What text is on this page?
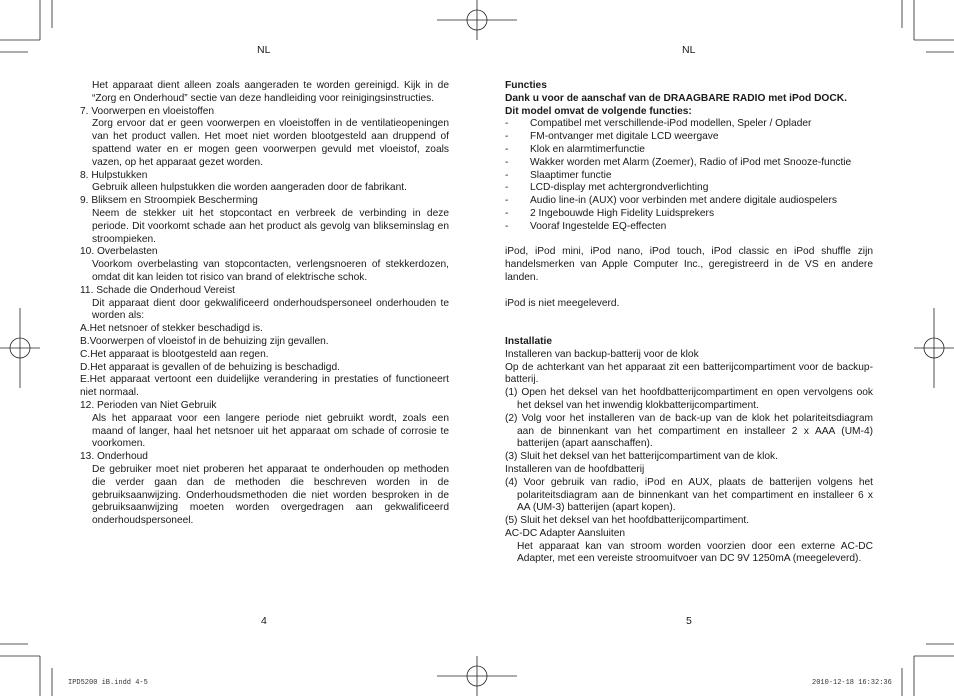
NL	NL

Het apparaat dient alleen zoals aangeraden te worden gereinigd. Kijk in de “Zorg en Onderhoud” sectie van deze handleiding voor reinigingsinstructies.

7. Voorwerpen en vloeistoffen

Zorg ervoor dat er geen voorwerpen en vloeistoffen in de ventilatieopeningen van het product vallen. Het moet niet worden blootgesteld aan druppend of spattend water en er mogen geen voorwerpen gevuld met vloeistof, zoals vazen, op het apparaat gezet worden.

8. Hulpstukken

Gebruik alleen hulpstukken die worden aangeraden door de fabrikant.

9. Bliksem en Stroompiek Bescherming

Neem de stekker uit het stopcontact en verbreek de verbinding in deze periode. Dit voorkomt schade aan het product als gevolg van blikseminslag en stroompieken.

10. Overbelasten

Voorkom overbelasting van stopcontacten, verlengsnoeren of stekkerdozen, omdat dit kan leiden tot risico van brand of elektrische schok.

11. Schade die Onderhoud Vereist

Dit apparaat dient door gekwalificeerd onderhoudspersoneel onderhouden te worden als:

A.Het netsnoer of stekker beschadigd is.

B.Voorwerpen of vloeistof in de behuizing zijn gevallen.

C.Het apparaat is blootgesteld aan regen.

D.Het apparaat is gevallen of de behuizing is beschadigd.

E.Het apparaat vertoont een duidelijke verandering in prestaties of functioneert niet normaal.

12. Perioden van Niet Gebruik

Als het apparaat voor een langere periode niet gebruikt wordt, zoals een maand of langer, haal het netsnoer uit het apparaat om schade of corrosie te voorkomen.

13. Onderhoud

De gebruiker moet niet proberen het apparaat te onderhouden op methoden die verder gaan dan de methoden die beschreven worden in de gebruiksaanwijzing. Onderhoudsmethoden die niet worden besproken in de gebruiksaanwijzing moeten worden overgedragen aan gekwalificeerd onderhoudspersoneel.

Functies

Dank u voor de aanschaf van de DRAAGBARE RADIO met iPod DOCK.

Dit model omvat de volgende functies:

-	Compatibel met verschillende-iPod modellen, Speler / Oplader
-	FM-ontvanger met digitale LCD weergave
-	Klok en alarmtimerfunctie
-	Wakker worden met Alarm (Zoemer), Radio of iPod met Snooze-functie
-	Slaaptimer functie
-	LCD-display met achtergrondverlichting
-	Audio line-in (AUX) voor verbinden met andere digitale audiospelers
-	2 Ingebouwde High Fidelity Luidsprekers
-	Vooraf Ingestelde EQ-effecten

iPod, iPod mini, iPod nano, iPod touch, iPod classic en iPod shuffle zijn handelsmerken van Apple Computer Inc., geregistreerd in de VS en andere landen.

iPod is niet meegeleverd.

Installatie

Installeren van backup-batterij voor de klok

Op de achterkant van het apparaat zit een batterijcompartiment voor de backup-batterij.

(1) Open het deksel van het hoofdbatterijcompartiment en open vervolgens ook het deksel van het inwendig klokbatterijcompartiment.

(2) Volg voor het installeren van de back-up van de klok het polariteitsdiagram aan de binnenkant van het compartiment en installeer 2 x AAA (UM-4) batterijen (apart aanschaffen).

(3) Sluit het deksel van het batterijcompartiment van de klok.

Installeren van de hoofdbatterij

(4) Voor gebruik van radio, iPod en AUX, plaats de batterijen volgens het polariteitsdiagram aan de binnenkant van het compartiment en installeer 6 x AA (UM-3) batterijen (apart kopen).

(5) Sluit het deksel van het hoofdbatterijcompartiment.

AC-DC Adapter Aansluiten

Het apparaat kan van stroom worden voorzien door een externe AC-DC Adapter, met een vereiste stroomuitvoer van DC 9V 1250mA (meegeleverd).

4	5
IPD5200 iB.indd 4-5	2010-12-18 16:32:36
